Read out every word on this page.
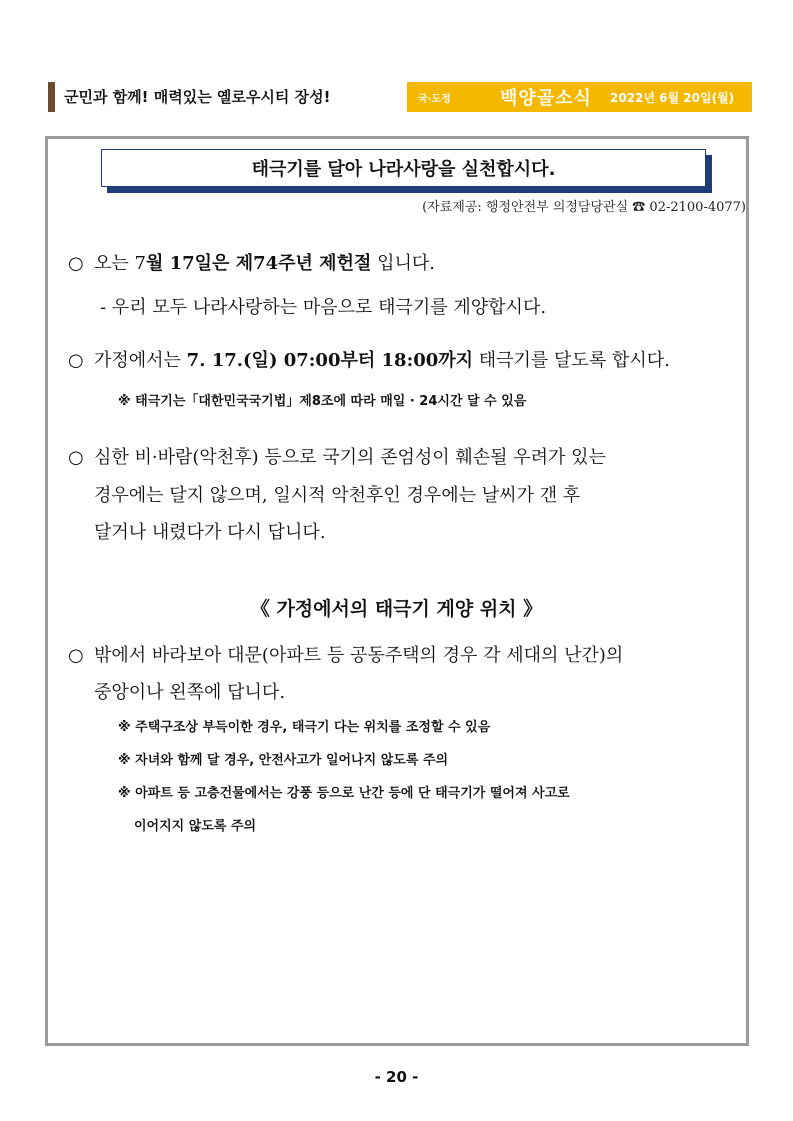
군민과 함께! 매력있는 옐로우시티 장성!	국·도정	백양골소식 2022년 6월 20일(월)
태극기를 달아 나라사랑을 실천합시다.
(자료제공: 행정안전부 의정담당관실 ☎ 02-2100-4077)
○ 오는 7월 17일은 제74주년 제헌절 입니다.
- 우리 모두 나라사랑하는 마음으로 태극기를 게양합시다.
○ 가정에서는 7. 17.(일) 07:00부터 18:00까지 태극기를 달도록 합시다.
※ 태극기는「대한민국국기법」제8조에 따라 매일 · 24시간 달 수 있음
○ 심한 비·바람(악천후) 등으로 국기의 존엄성이 훼손될 우려가 있는
경우에는 달지 않으며, 일시적 악천후인 경우에는 날씨가 갠 후
달거나 내렸다가 다시 답니다.
《 가정에서의 태극기 게양 위치 》
○ 밖에서 바라보아 대문(아파트 등 공동주택의 경우 각 세대의 난간)의
중앙이나 왼쪽에 답니다.
※ 주택구조상 부득이한 경우, 태극기 다는 위치를 조정할 수 있음
※ 자녀와 함께 달 경우, 안전사고가 일어나지 않도록 주의
※ 아파트 등 고층건물에서는 강풍 등으로 난간 등에 단 태극기가 떨어져 사고로
이어지지 않도록 주의
- 20 -
